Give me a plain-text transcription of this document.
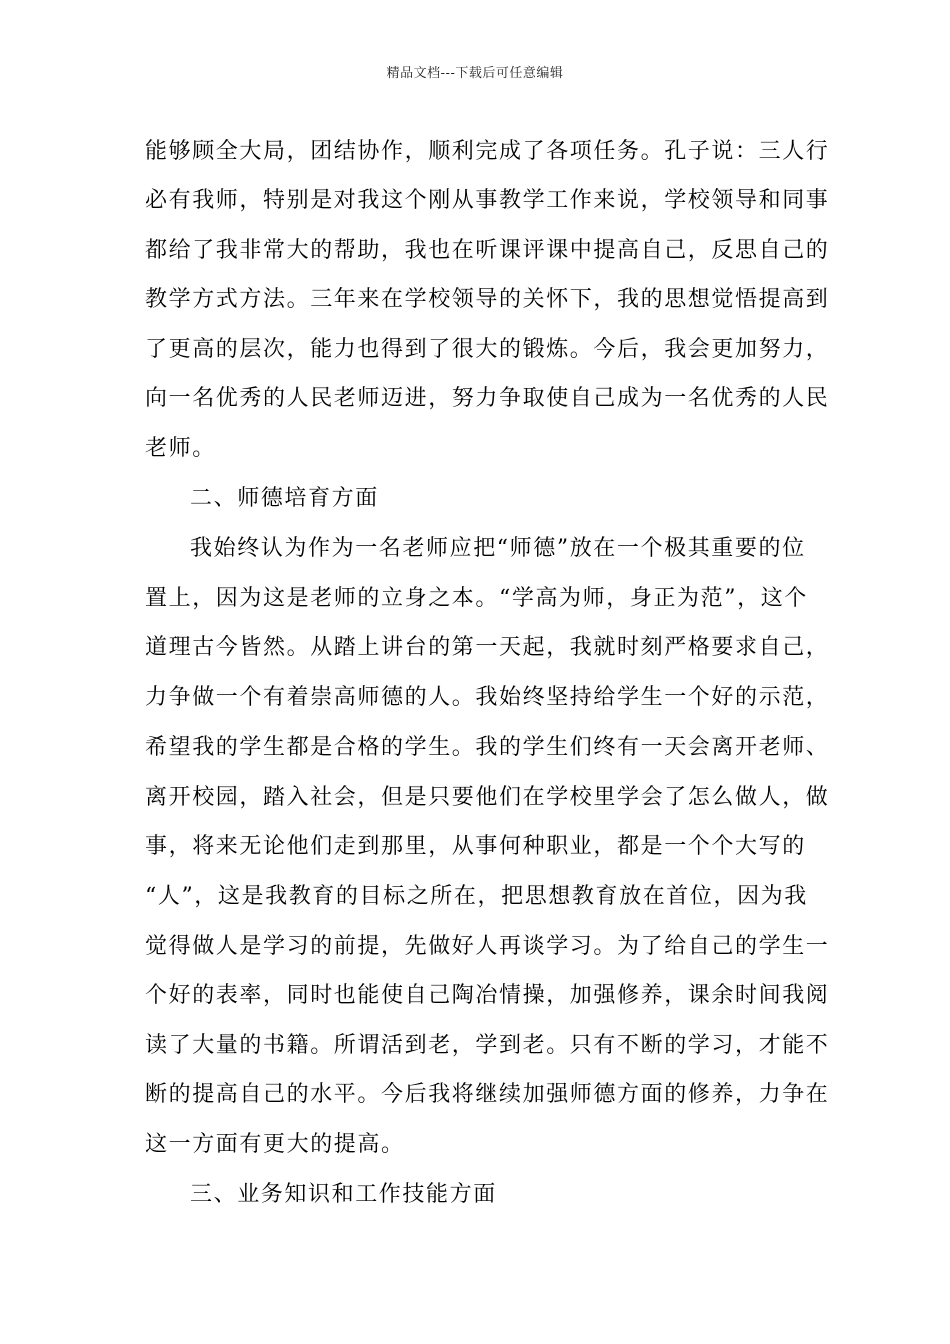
精品文档---下载后可任意编辑
能够顾全大局，团结协作，顺利完成了各项任务。孔子说：三人行
必有我师，特别是对我这个刚从事教学工作来说，学校领导和同事
都给了我非常大的帮助，我也在听课评课中提高自己，反思自己的
教学方式方法。三年来在学校领导的关怀下，我的思想觉悟提高到
了更高的层次，能力也得到了很大的锻炼。今后，我会更加努力，
向一名优秀的人民老师迈进，努力争取使自己成为一名优秀的人民
老师。
二、师德培育方面
我始终认为作为一名老师应把“师德”放在一个极其重要的位
置上，因为这是老师的立身之本。“学高为师，身正为范”，这个
道理古今皆然。从踏上讲台的第一天起，我就时刻严格要求自己，
力争做一个有着崇高师德的人。我始终坚持给学生一个好的示范，
希望我的学生都是合格的学生。我的学生们终有一天会离开老师、
离开校园，踏入社会，但是只要他们在学校里学会了怎么做人，做
事，将来无论他们走到那里，从事何种职业，都是一个个大写的
“人”，这是我教育的目标之所在，把思想教育放在首位，因为我
觉得做人是学习的前提，先做好人再谈学习。为了给自己的学生一
个好的表率，同时也能使自己陶冶情操，加强修养，课余时间我阅
读了大量的书籍。所谓活到老，学到老。只有不断的学习，才能不
断的提高自己的水平。今后我将继续加强师德方面的修养，力争在
这一方面有更大的提高。
三、业务知识和工作技能方面
